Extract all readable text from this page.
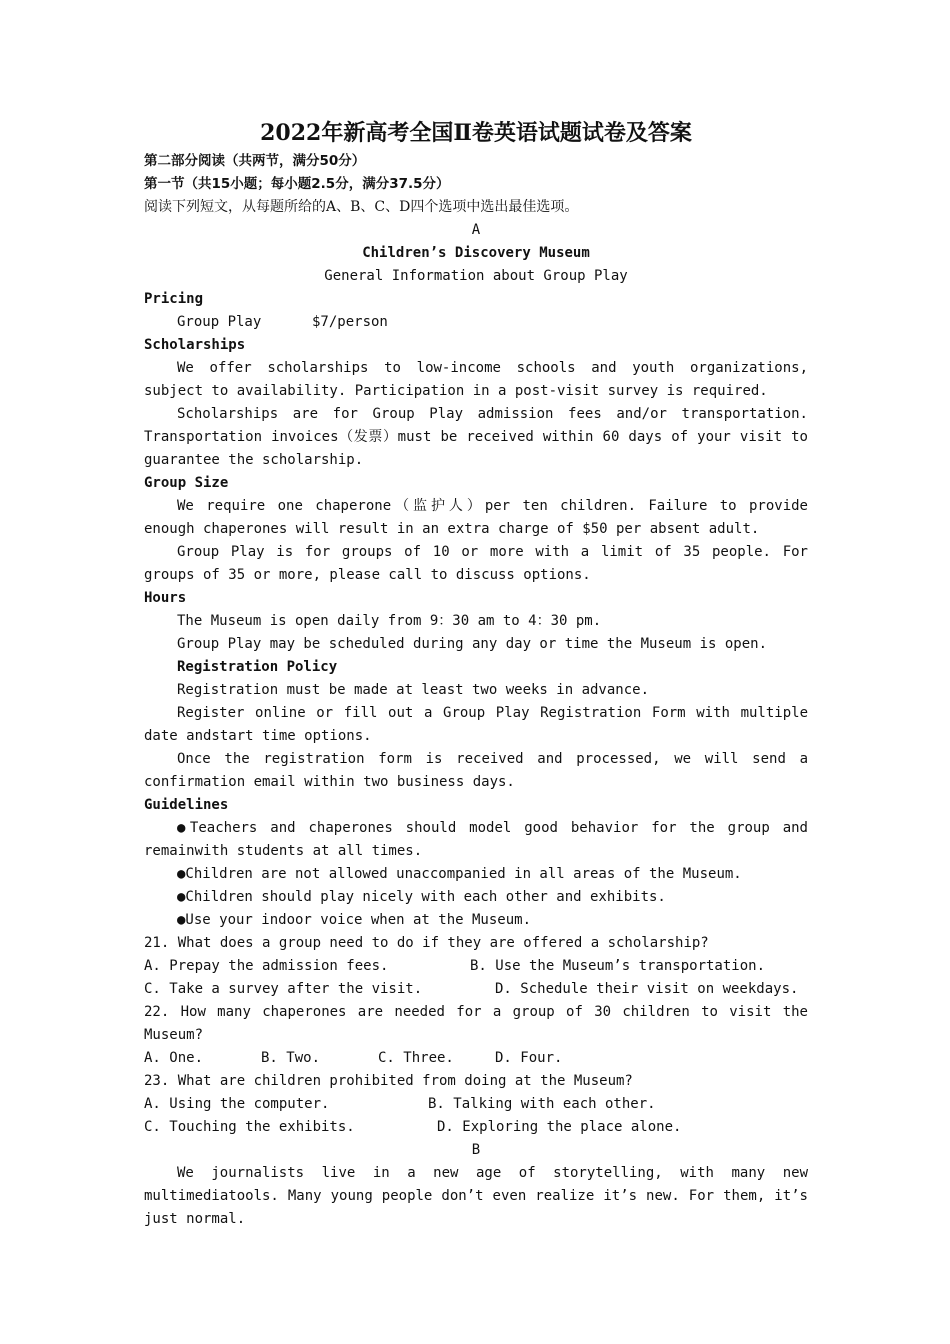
2022年新高考全国Ⅱ卷英语试题试卷及答案

第二部分阅读（共两节，满分50分）

第一节（共15小题；每小题2.5分，满分37.5分）

阅读下列短文，从每题所给的A、B、C、D四个选项中选出最佳选项。

A

Children’s Discovery Museum

General Information about Group Play

Pricing

Group Play	$7/person

Scholarships

We offer scholarships to low-income schools and youth organizations, subject to availability. Participation in a post-visit survey is required.

Scholarships are for Group Play admission fees and/or transportation. Transportation invoices（发票）must be received within 60 days of your visit to guarantee the scholarship.

Group Size

We require one chaperone（监护人）per ten children. Failure to provide enough chaperones will result in an extra charge of $50 per absent adult.

Group Play is for groups of 10 or more with a limit of 35 people. For groups of 35 or more, please call to discuss options.

Hours

The Museum is open daily from 9：30 am to 4：30 pm.

Group Play may be scheduled during any day or time the Museum is open.

Registration Policy

Registration must be made at least two weeks in advance.

Register online or fill out a Group Play Registration Form with multiple date andstart time options.

Once the registration form is received and processed, we will send a confirmation email within two business days.

Guidelines

●Teachers and chaperones should model good behavior for the group and remainwith students at all times.

●Children are not allowed unaccompanied in all areas of the Museum.

●Children should play nicely with each other and exhibits.

●Use your indoor voice when at the Museum.

21. What does a group need to do if they are offered a scholarship?

A. Prepay the admission fees.	B. Use the Museum’s transportation.
C. Take a survey after the visit.	D. Schedule their visit on weekdays.

22. How many chaperones are needed for a group of 30 children to visit the Museum?

A. One.	B. Two.	C. Three.	D. Four.

23. What are children prohibited from doing at the Museum?

A. Using the computer.	B. Talking with each other.
C. Touching the exhibits.	D. Exploring the place alone.

B

We journalists live in a new age of storytelling, with many new multimediatools. Many young people don’t even realize it’s new. For them, it’s just normal.
